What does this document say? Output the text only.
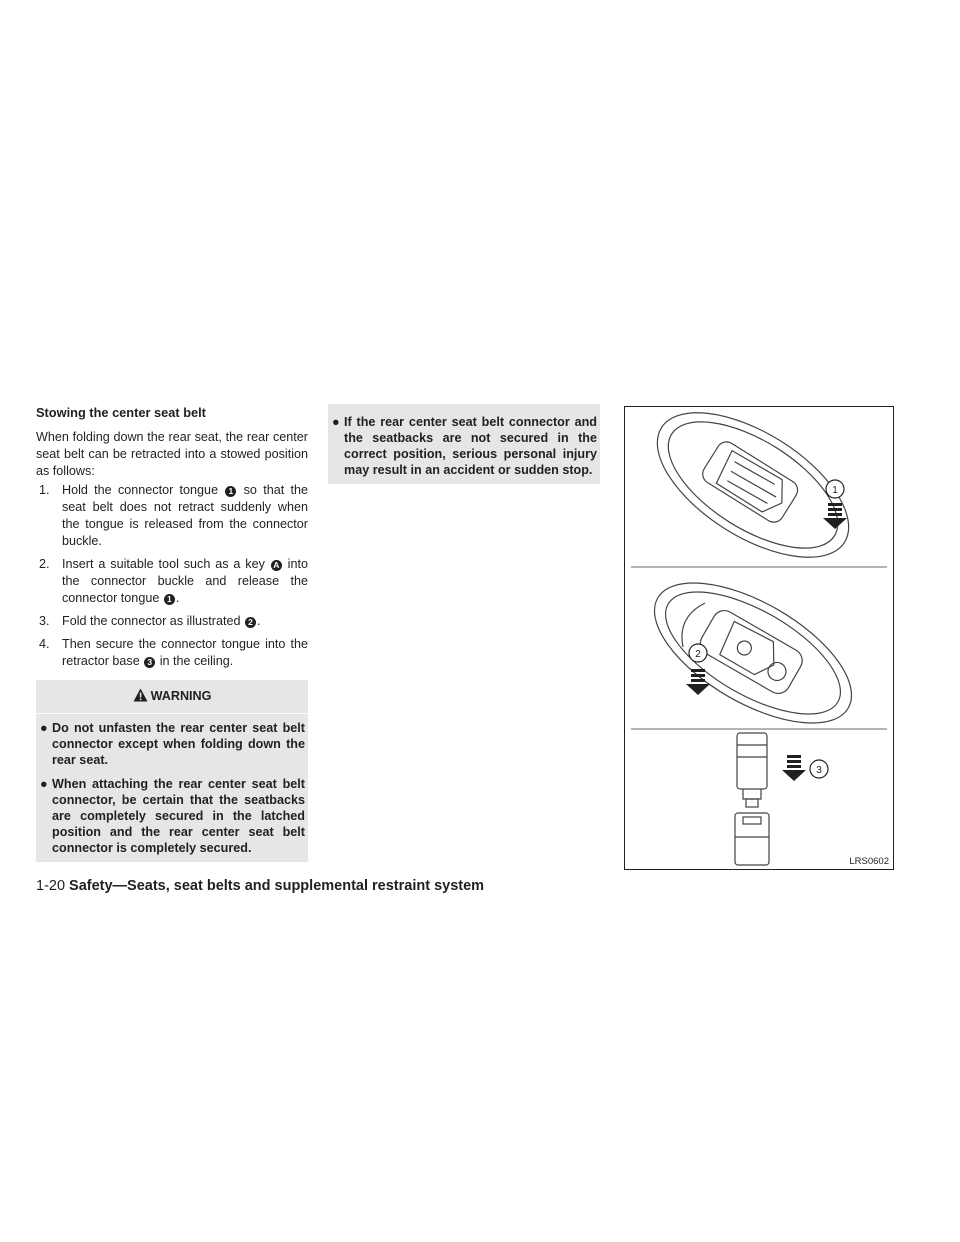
Stowing the center seat belt

When folding down the rear seat, the rear center seat belt can be retracted into a stowed position as follows:

1. Hold the connector tongue 1 so that the seat belt does not retract suddenly when the tongue is released from the connector buckle.
2. Insert a suitable tool such as a key A into the connector buckle and release the connector tongue 1 .
3. Fold the connector as illustrated 2 .
4. Then secure the connector tongue into the retractor base 3 in the ceiling.
WARNING
● Do not unfasten the rear center seat belt connector except when folding down the rear seat.
● When attaching the rear center seat belt connector, be certain that the seatbacks are completely secured in the latched position and the rear center seat belt connector is completely secured.
● If the rear center seat belt connector and the seatbacks are not secured in the correct position, serious personal injury may result in an accident or sudden stop.
1
2
3
LRS0602
1-20 Safety—Seats, seat belts and supplemental restraint system
